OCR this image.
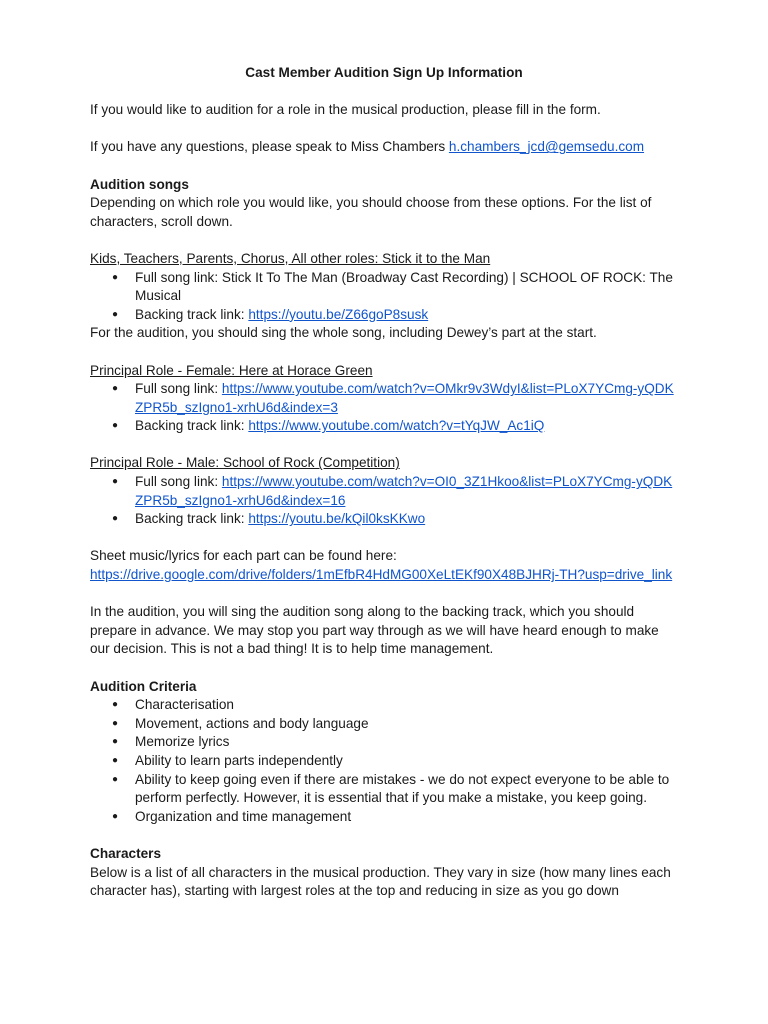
Cast Member Audition Sign Up Information

If you would like to audition for a role in the musical production, please fill in the form.

If you have any questions, please speak to Miss Chambers h.chambers_jcd@gemsedu.com

Audition songs

Depending on which role you would like, you should choose from these options. For the list of characters, scroll down.

Kids, Teachers, Parents, Chorus, All other roles: Stick it to the Man

● Full song link: Stick It To The Man (Broadway Cast Recording) | SCHOOL OF ROCK: The Musical
● Backing track link: https://youtu.be/Z66goP8susk

For the audition, you should sing the whole song, including Dewey’s part at the start.

Principal Role - Female: Here at Horace Green

● Full song link: https://www.youtube.com/watch?v=OMkr9v3WdyI&list=PLoX7YCmg-yQDKZPR5b_szIgno1-xrhU6d&index=3
● Backing track link: https://www.youtube.com/watch?v=tYqJW_Ac1iQ

Principal Role - Male: School of Rock (Competition)

● Full song link: https://www.youtube.com/watch?v=OI0_3Z1Hkoo&list=PLoX7YCmg-yQDKZPR5b_szIgno1-xrhU6d&index=16
● Backing track link: https://youtu.be/kQil0ksKKwo

Sheet music/lyrics for each part can be found here:

https://drive.google.com/drive/folders/1mEfbR4HdMG00XeLtEKf90X48BJHRj-TH?usp=drive_link

In the audition, you will sing the audition song along to the backing track, which you should prepare in advance. We may stop you part way through as we will have heard enough to make our decision. This is not a bad thing! It is to help time management.

Audition Criteria

● Characterisation
● Movement, actions and body language
● Memorize lyrics
● Ability to learn parts independently
● Ability to keep going even if there are mistakes - we do not expect everyone to be able to perform perfectly. However, it is essential that if you make a mistake, you keep going.
● Organization and time management

Characters

Below is a list of all characters in the musical production. They vary in size (how many lines each character has), starting with largest roles at the top and reducing in size as you go down
